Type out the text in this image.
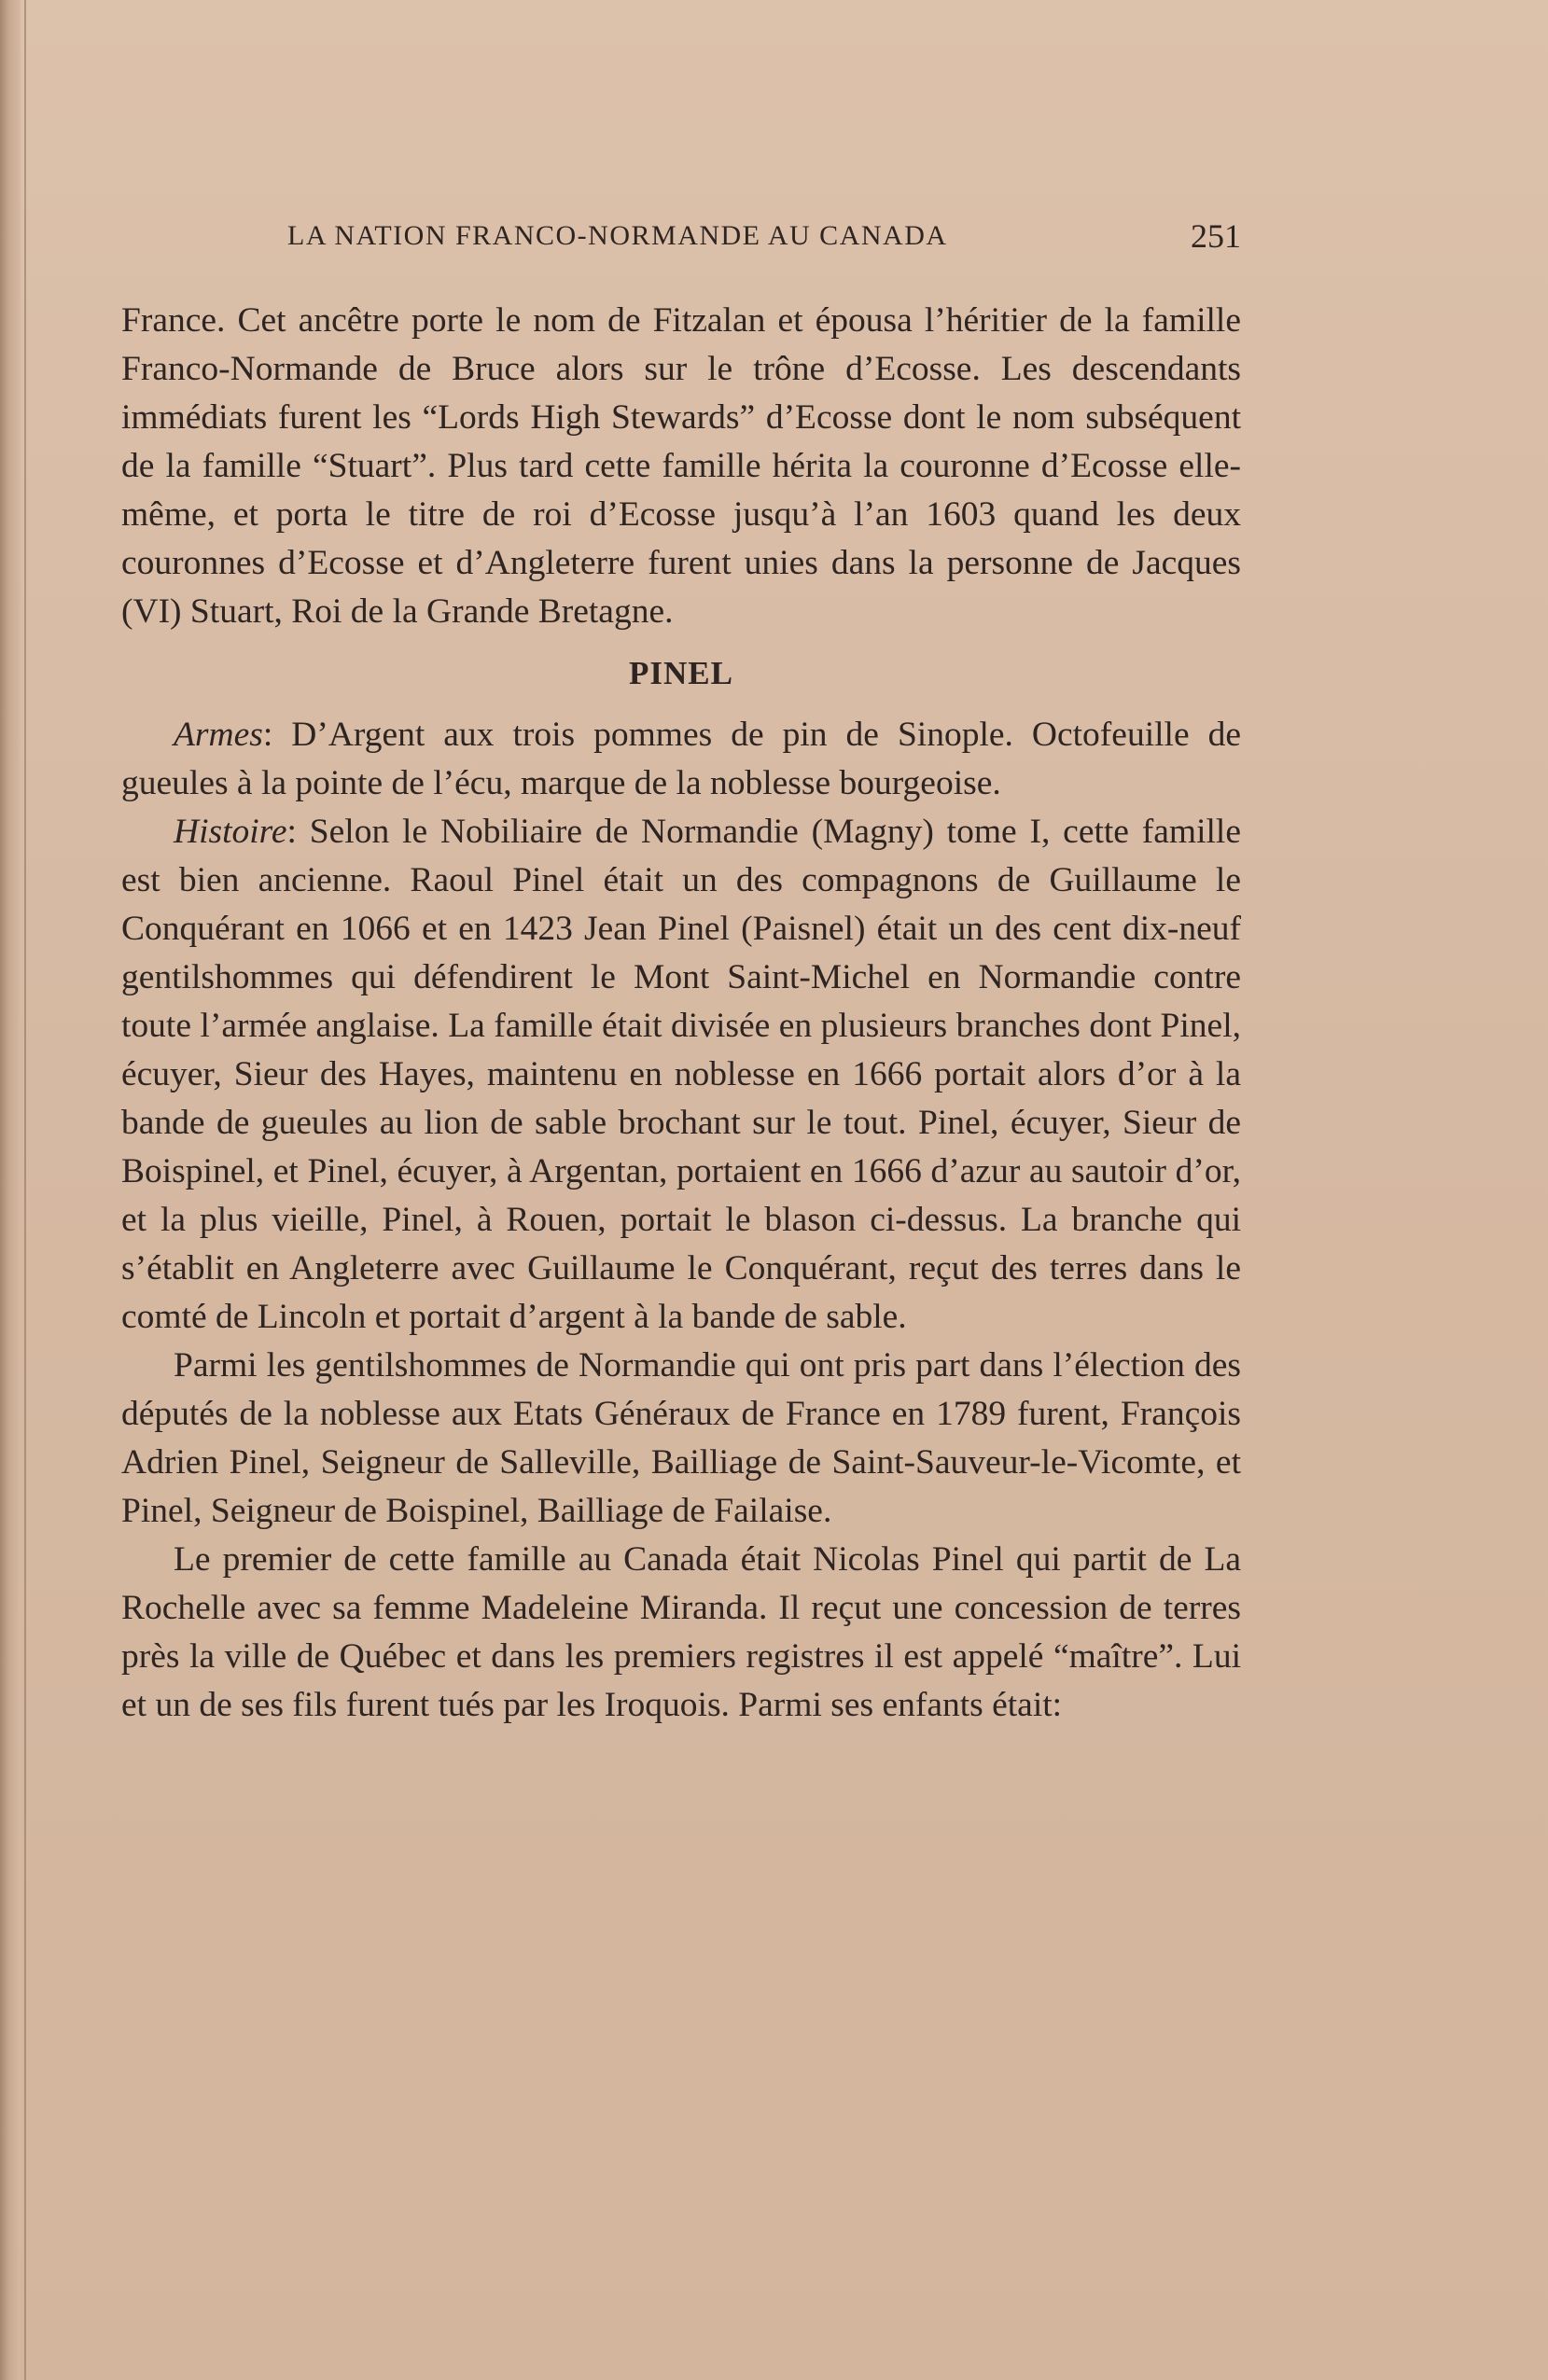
LA NATION FRANCO-NORMANDE AU CANADA	251

France. Cet ancêtre porte le nom de Fitzalan et épousa l’héritier de la famille Franco-Normande de Bruce alors sur le trône d’Ecosse. Les descendants immédiats furent les “Lords High Stewards” d’Ecosse dont le nom subséquent de la famille “Stuart”. Plus tard cette famille hérita la couronne d’Ecosse elle-même, et porta le titre de roi d’Ecosse jusqu’à l’an 1603 quand les deux couronnes d’Ecosse et d’Angleterre furent unies dans la personne de Jacques (VI) Stuart, Roi de la Grande Bretagne.

PINEL

Armes: D’Argent aux trois pommes de pin de Sinople. Octofeuille de gueules à la pointe de l’écu, marque de la noblesse bourgeoise.

Histoire: Selon le Nobiliaire de Normandie (Magny) tome I, cette famille est bien ancienne. Raoul Pinel était un des compagnons de Guillaume le Conquérant en 1066 et en 1423 Jean Pinel (Paisnel) était un des cent dix-neuf gentilshommes qui défendirent le Mont Saint-Michel en Normandie contre toute l’armée anglaise. La famille était divisée en plusieurs branches dont Pinel, écuyer, Sieur des Hayes, maintenu en noblesse en 1666 portait alors d’or à la bande de gueules au lion de sable brochant sur le tout. Pinel, écuyer, Sieur de Boispinel, et Pinel, écuyer, à Argentan, portaient en 1666 d’azur au sautoir d’or, et la plus vieille, Pinel, à Rouen, portait le blason ci-dessus. La branche qui s’établit en Angleterre avec Guillaume le Conquérant, reçut des terres dans le comté de Lincoln et portait d’argent à la bande de sable.

Parmi les gentilshommes de Normandie qui ont pris part dans l’élection des députés de la noblesse aux Etats Généraux de France en 1789 furent, François Adrien Pinel, Seigneur de Salleville, Bailliage de Saint-Sauveur-le-Vicomte, et Pinel, Seigneur de Boispinel, Bailliage de Failaise.

Le premier de cette famille au Canada était Nicolas Pinel qui partit de La Rochelle avec sa femme Madeleine Miranda. Il reçut une concession de terres près la ville de Québec et dans les premiers registres il est appelé “maître”. Lui et un de ses fils furent tués par les Iroquois. Parmi ses enfants était:
